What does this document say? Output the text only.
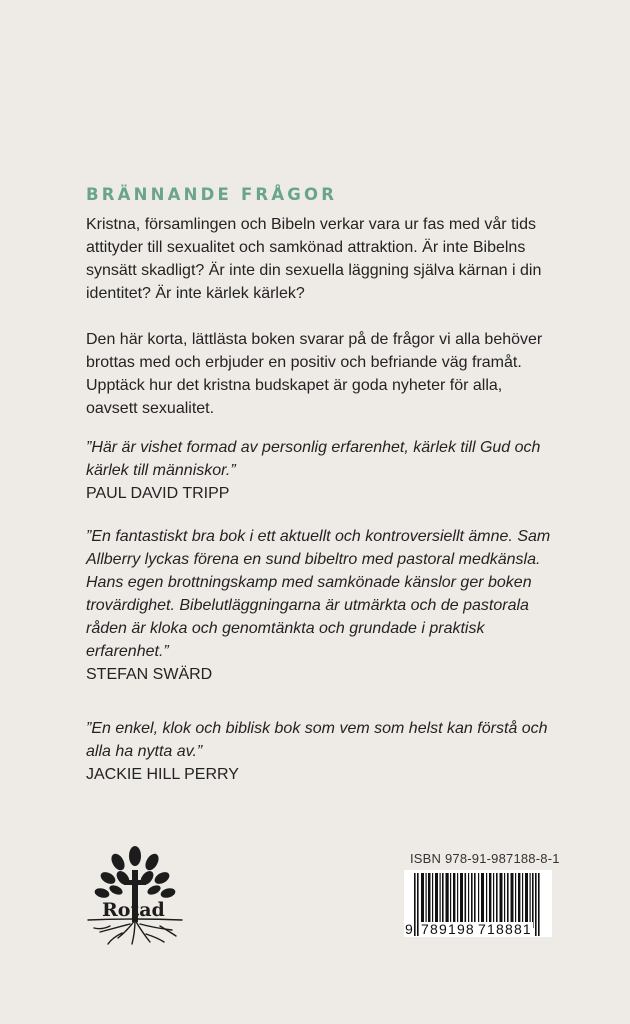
BRÄNNANDE FRÅGOR

Kristna, församlingen och Bibeln verkar vara ur fas med vår tids attityder till sexualitet och samkönad attraktion. Är inte Bibelns synsätt skadligt? Är inte din sexuella läggning själva kärnan i din identitet? Är inte kärlek kärlek?

Den här korta, lättlästa boken svarar på de frågor vi alla behöver brottas med och erbjuder en positiv och befriande väg framåt. Upptäck hur det kristna budskapet är goda nyheter för alla, oavsett sexualitet.

”Här är vishet formad av personlig erfarenhet, kärlek till Gud och kärlek till människor.”

PAUL DAVID TRIPP

”En fantastiskt bra bok i ett aktuellt och kontroversiellt ämne. Sam Allberry lyckas förena en sund bibeltro med pastoral medkänsla. Hans egen brottningskamp med samkönade känslor ger boken trovärdighet. Bibelutläggningarna är utmärkta och de pastorala råden är kloka och genomtänkta och grundade i praktisk erfarenhet.”

STEFAN SWÄRD

”En enkel, klok och biblisk bok som vem som helst kan förstå och alla ha nytta av.”

JACKIE HILL PERRY

Rotad

ISBN 978-91-987188-8-1

9 789198 718881
